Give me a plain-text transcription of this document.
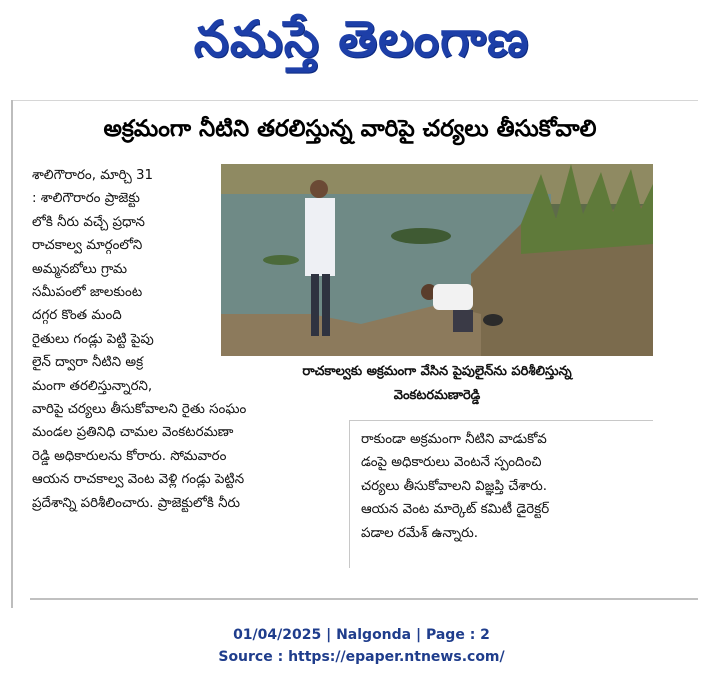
నమస్తే తెలంగాణ
అక్రమంగా నీటిని తరలిస్తున్న వారిపై చర్యలు తీసుకోవాలి
శాలిగౌరారం, మార్చి 31
: శాలిగౌరారం ప్రాజెక్టు
లోకి నీరు వచ్చే ప్రధాన
రాచకాల్వ మార్గంలోని
అమ్మనబోలు గ్రామ
సమీపంలో జాలకుంట
దగ్గర కొంత మంది
రైతులు గండ్లు పెట్టి పైపు
లైన్ ద్వారా నీటిని అక్ర
మంగా తరలిస్తున్నారని,
వారిపై చర్యలు తీసుకోవాలని రైతు సంఘం
మండల ప్రతినిధి చామల వెంకటరమణా
రెడ్డి అధికారులను కోరారు. సోమవారం
ఆయన రాచకాల్వ వెంట వెళ్లి గండ్లు పెట్టిన
ప్రదేశాన్ని పరిశీలించారు. ప్రాజెక్టులోకి నీరు
రాచకాల్వకు అక్రమంగా వేసిన పైపులైన్‌ను పరిశీలిస్తున్న
వెంకటరమణారెడ్డి
రాకుండా అక్రమంగా నీటిని వాడుకోవ
డంపై అధికారులు వెంటనే స్పందించి
చర్యలు తీసుకోవాలని విజ్ఞప్తి చేశారు.
ఆయన వెంట మార్కెట్ కమిటీ డైరెక్టర్
పడాల రమేశ్ ఉన్నారు.
01/04/2025 | Nalgonda | Page : 2
Source : https://epaper.ntnews.com/
